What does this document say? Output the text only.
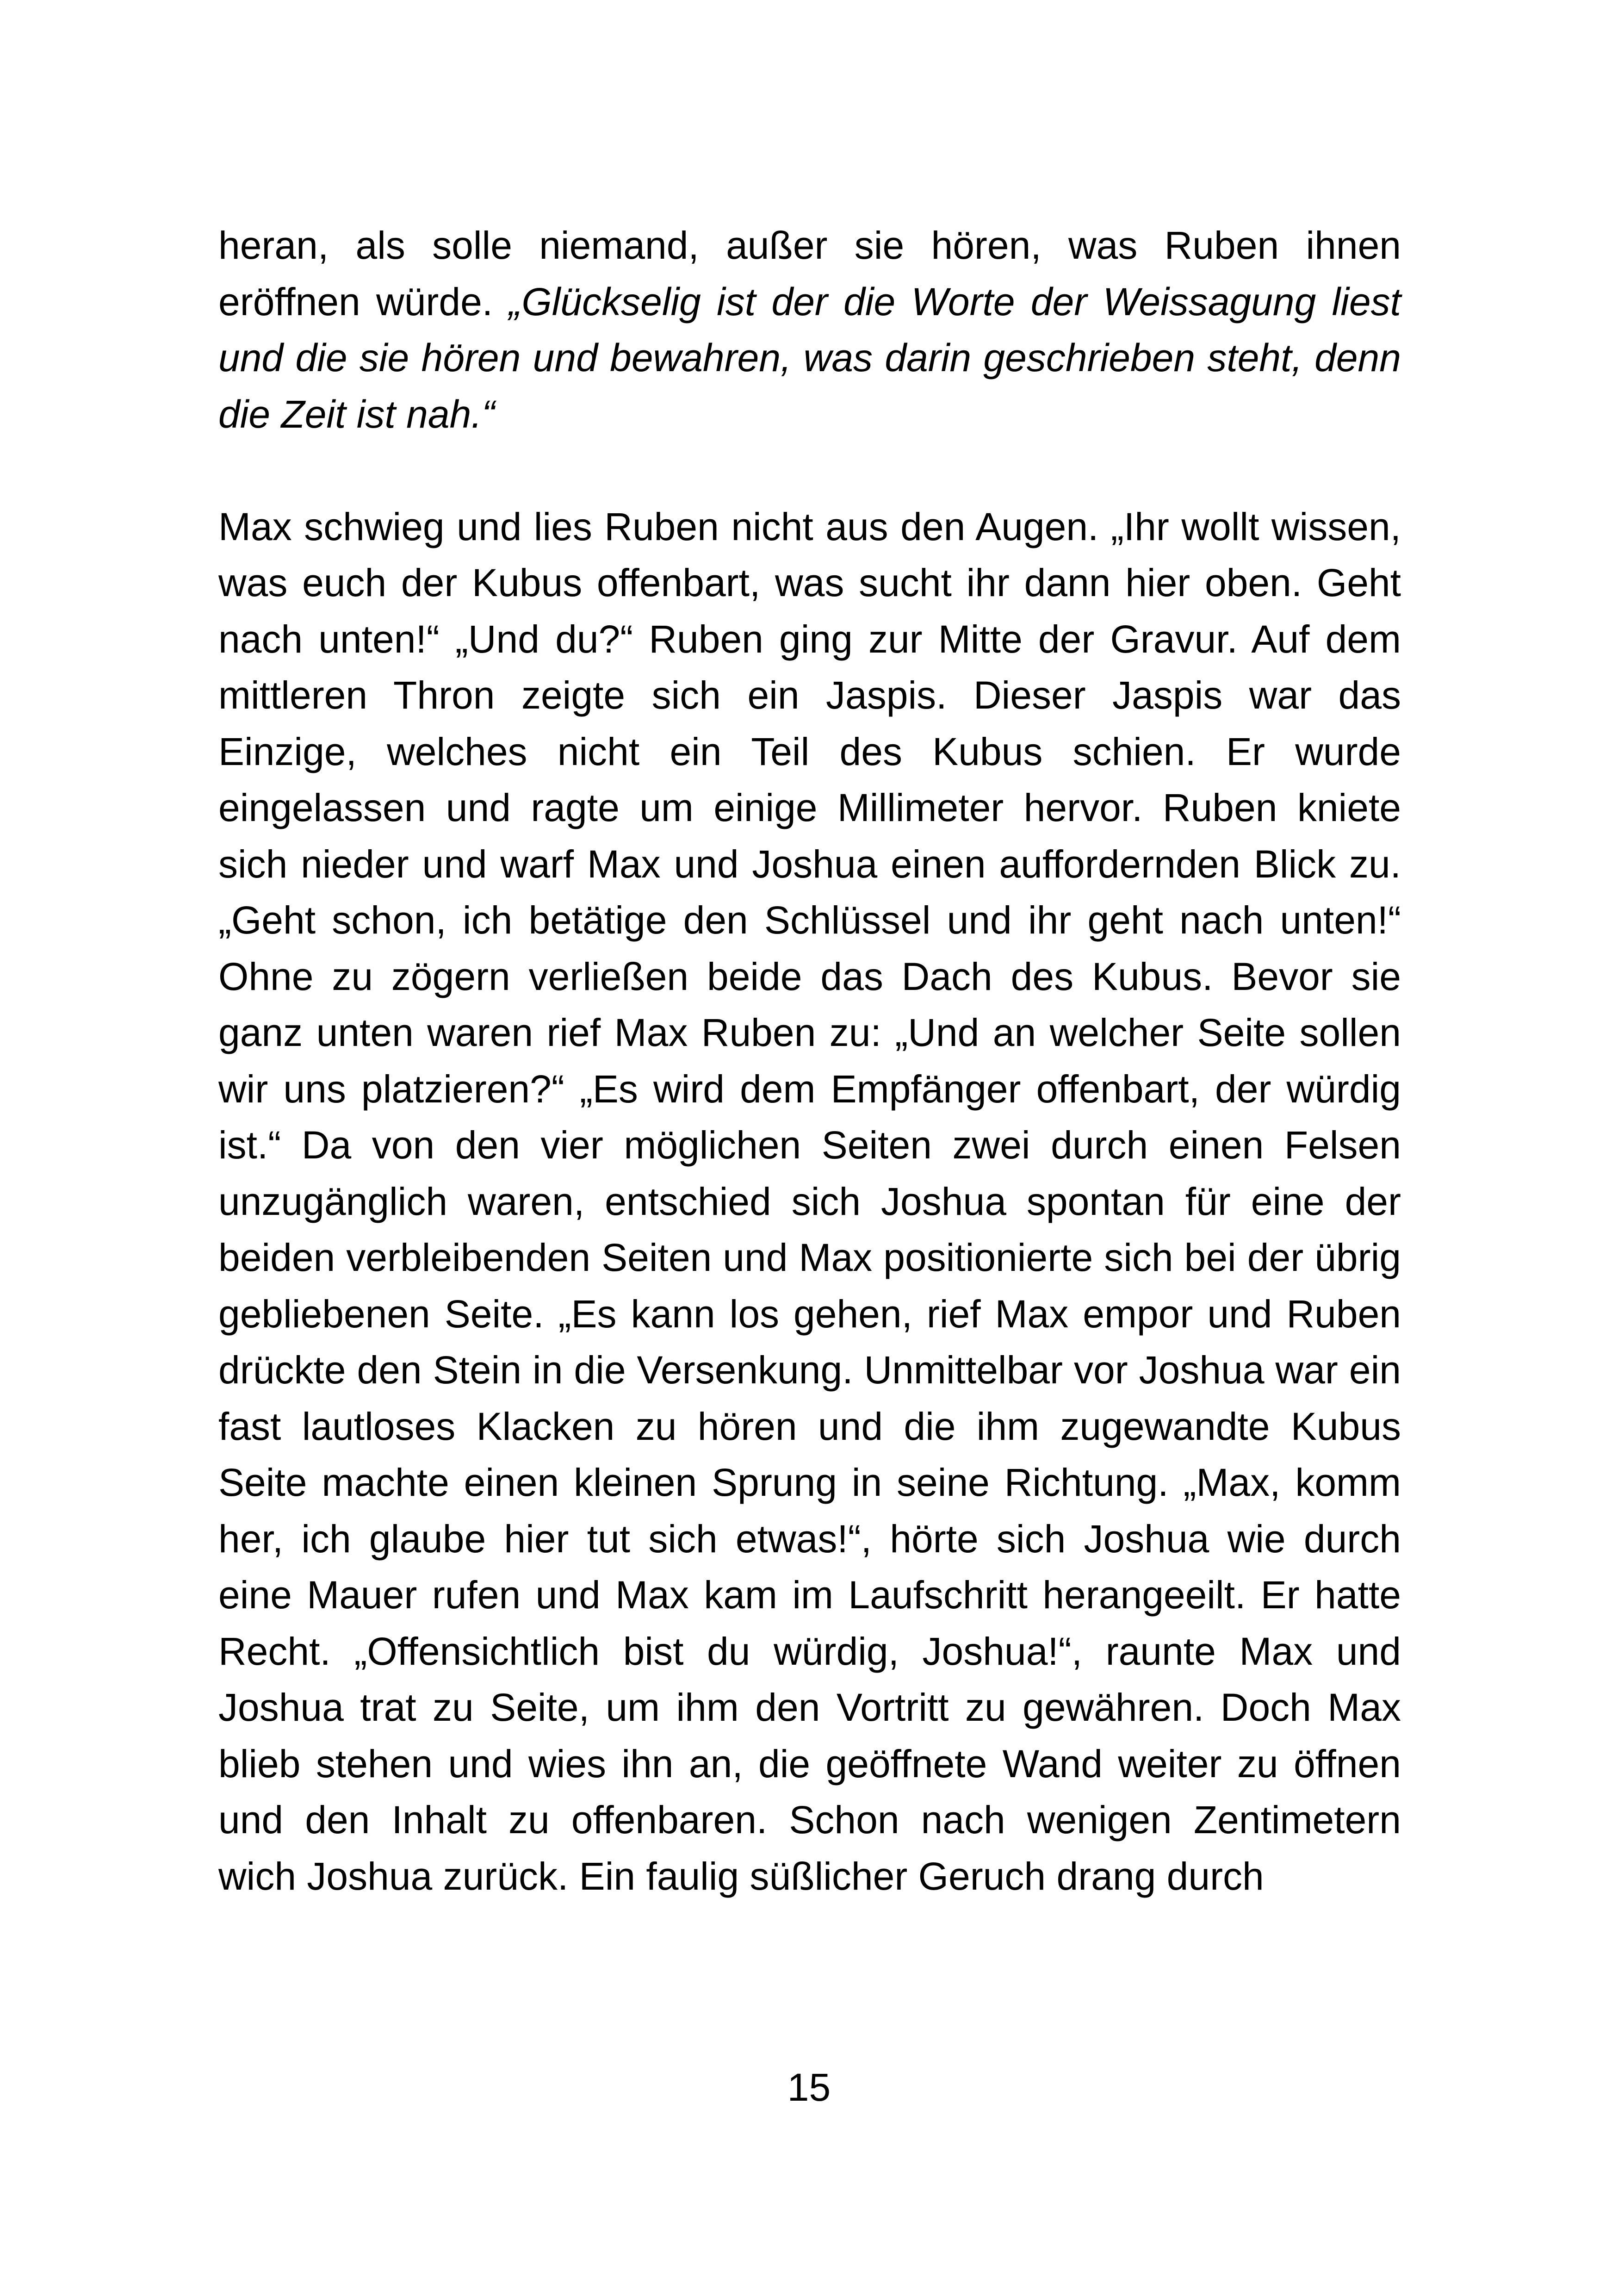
heran, als solle niemand, außer sie hören, was Ruben ihnen eröffnen würde. „Glückselig ist der die Worte der Weissagung liest und die sie hören und bewahren, was darin geschrieben steht, denn die Zeit ist nah.“

Max schwieg und lies Ruben nicht aus den Augen. „Ihr wollt wissen, was euch der Kubus offenbart, was sucht ihr dann hier oben. Geht nach unten!“ „Und du?“ Ruben ging zur Mitte der Gravur. Auf dem mittleren Thron zeigte sich ein Jaspis. Dieser Jaspis war das Einzige, welches nicht ein Teil des Kubus schien. Er wurde eingelassen und ragte um einige Millimeter hervor. Ruben kniete sich nieder und warf Max und Joshua einen auffordernden Blick zu. „Geht schon, ich betätige den Schlüssel und ihr geht nach unten!“ Ohne zu zögern verließen beide das Dach des Kubus. Bevor sie ganz unten waren rief Max Ruben zu: „Und an welcher Seite sollen wir uns platzieren?“ „Es wird dem Empfänger offenbart, der würdig ist.“ Da von den vier möglichen Seiten zwei durch einen Felsen unzugänglich waren, entschied sich Joshua spontan für eine der beiden verbleibenden Seiten und Max positionierte sich bei der übrig gebliebenen Seite. „Es kann los gehen, rief Max empor und Ruben drückte den Stein in die Versenkung. Unmittelbar vor Joshua war ein fast lautloses Klacken zu hören und die ihm zugewandte Kubus Seite machte einen kleinen Sprung in seine Richtung. „Max, komm her, ich glaube hier tut sich etwas!“, hörte sich Joshua wie durch eine Mauer rufen und Max kam im Laufschritt herangeeilt. Er hatte Recht. „Offensichtlich bist du würdig, Joshua!“, raunte Max und Joshua trat zu Seite, um ihm den Vortritt zu gewähren. Doch Max blieb stehen und wies ihn an, die geöffnete Wand weiter zu öffnen und den Inhalt zu offenbaren. Schon nach wenigen Zentimetern wich Joshua zurück. Ein faulig süßlicher Geruch drang durch

15
